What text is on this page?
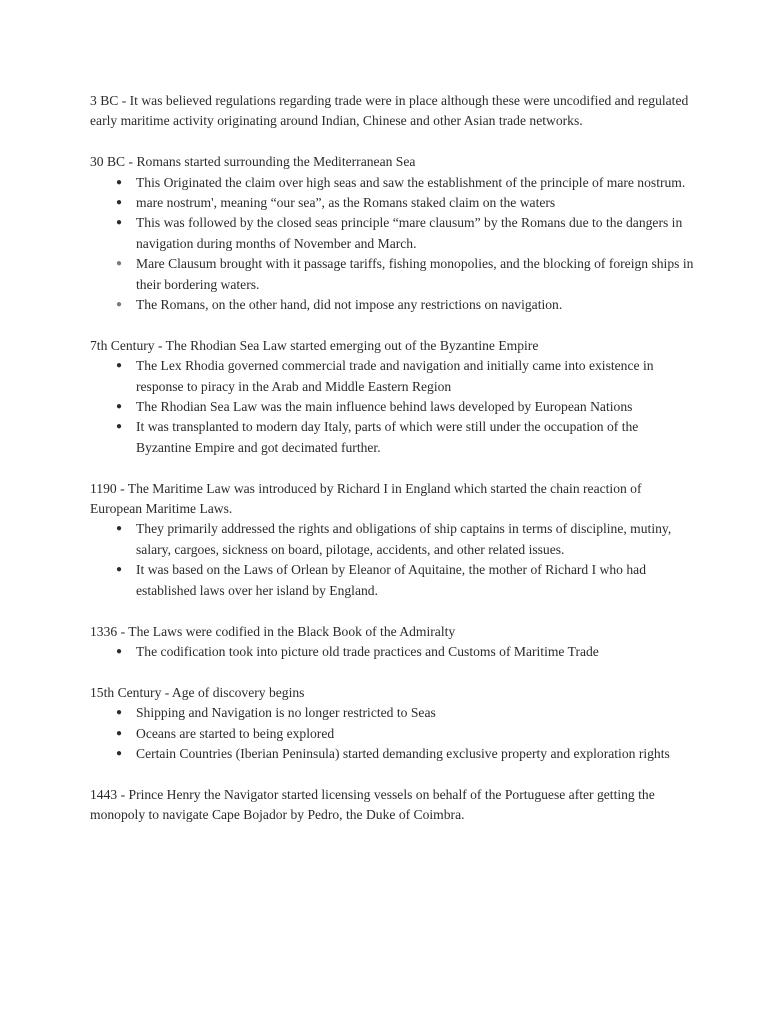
3 BC - It was believed regulations regarding trade were in place although these were uncodified and regulated early maritime activity originating around Indian, Chinese and other Asian trade networks.

30 BC - Romans started surrounding the Mediterranean Sea

● This Originated the claim over high seas and saw the establishment of the principle of mare nostrum.
● mare nostrum', meaning “our sea”, as the Romans staked claim on the waters
● This was followed by the closed seas principle “mare clausum” by the Romans due to the dangers in navigation during months of November and March.
● Mare Clausum brought with it passage tariffs, fishing monopolies, and the blocking of foreign ships in their bordering waters.
● The Romans, on the other hand, did not impose any restrictions on navigation.

7th Century - The Rhodian Sea Law started emerging out of the Byzantine Empire

● The Lex Rhodia governed commercial trade and navigation and initially came into existence in response to piracy in the Arab and Middle Eastern Region
● The Rhodian Sea Law was the main influence behind laws developed by European Nations
● It was transplanted to modern day Italy, parts of which were still under the occupation of the Byzantine Empire and got decimated further.

1190 - The Maritime Law was introduced by Richard I in England which started the chain reaction of European Maritime Laws.

● They primarily addressed the rights and obligations of ship captains in terms of discipline, mutiny, salary, cargoes, sickness on board, pilotage, accidents, and other related issues.
● It was based on the Laws of Orlean by Eleanor of Aquitaine, the mother of Richard I who had established laws over her island by England.

1336 - The Laws were codified in the Black Book of the Admiralty

● The codification took into picture old trade practices and Customs of Maritime Trade

15th Century - Age of discovery begins

● Shipping and Navigation is no longer restricted to Seas
● Oceans are started to being explored
● Certain Countries (Iberian Peninsula) started demanding exclusive property and exploration rights

1443 - Prince Henry the Navigator started licensing vessels on behalf of the Portuguese after getting the monopoly to navigate Cape Bojador by Pedro, the Duke of Coimbra.
